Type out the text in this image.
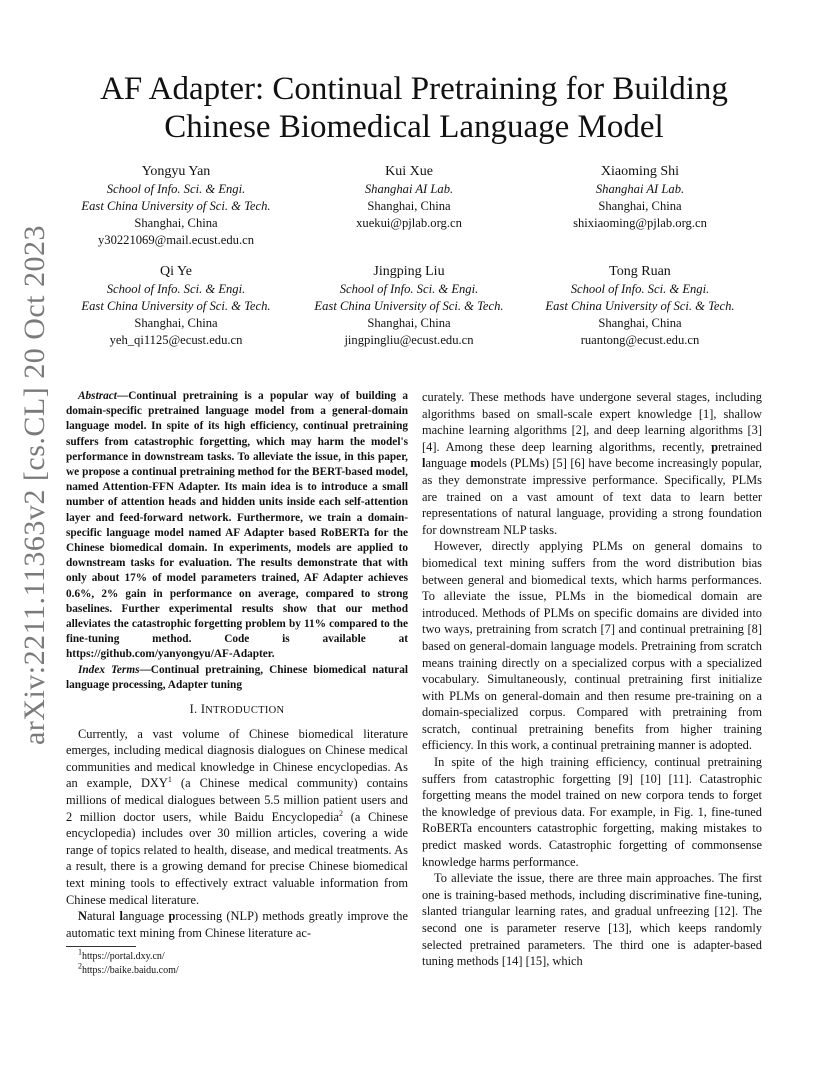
arXiv:2211.11363v2 [cs.CL] 20 Oct 2023
AF Adapter: Continual Pretraining for Building
Chinese Biomedical Language Model
Yongyu Yan
School of Info. Sci. & Engi.
East China University of Sci. & Tech.
Shanghai, China
y30221069@mail.ecust.edu.cn
Kui Xue
Shanghai AI Lab.
Shanghai, China
xuekui@pjlab.org.cn
Xiaoming Shi
Shanghai AI Lab.
Shanghai, China
shixiaoming@pjlab.org.cn
Qi Ye
School of Info. Sci. & Engi.
East China University of Sci. & Tech.
Shanghai, China
yeh_qi1125@ecust.edu.cn
Jingping Liu
School of Info. Sci. & Engi.
East China University of Sci. & Tech.
Shanghai, China
jingpingliu@ecust.edu.cn
Tong Ruan
School of Info. Sci. & Engi.
East China University of Sci. & Tech.
Shanghai, China
ruantong@ecust.edu.cn

Abstract—Continual pretraining is a popular way of building a domain-specific pretrained language model from a general-domain language model. In spite of its high efficiency, continual pretraining suffers from catastrophic forgetting, which may harm the model's performance in downstream tasks. To alleviate the issue, in this paper, we propose a continual pretraining method for the BERT-based model, named Attention-FFN Adapter. Its main idea is to introduce a small number of attention heads and hidden units inside each self-attention layer and feed-forward network. Furthermore, we train a domain-specific language model named AF Adapter based RoBERTa for the Chinese biomedical domain. In experiments, models are applied to downstream tasks for evaluation. The results demonstrate that with only about 17% of model parameters trained, AF Adapter achieves 0.6%, 2% gain in performance on average, compared to strong baselines. Further experimental results show that our method alleviates the catastrophic forgetting problem by 11% compared to the fine-tuning method. Code is available at https://github.com/yanyongyu/AF-Adapter.

Index Terms—Continual pretraining, Chinese biomedical natural language processing, Adapter tuning

I. INTRODUCTION

Currently, a vast volume of Chinese biomedical literature emerges, including medical diagnosis dialogues on Chinese medical communities and medical knowledge in Chinese encyclopedias. As an example, DXY$^1$ (a Chinese medical community) contains millions of medical dialogues between 5.5 million patient users and 2 million doctor users, while Baidu Encyclopedia$^2$ (a Chinese encyclopedia) includes over 30 million articles, covering a wide range of topics related to health, disease, and medical treatments. As a result, there is a growing demand for precise Chinese biomedical text mining tools to effectively extract valuable information from Chinese medical literature.

Natural language processing (NLP) methods greatly improve the automatic text mining from Chinese literature ac-

$^1$https://portal.dxy.cn/
$^2$https://baike.baidu.com/

curately. These methods have undergone several stages, including algorithms based on small-scale expert knowledge [1], shallow machine learning algorithms [2], and deep learning algorithms [3] [4]. Among these deep learning algorithms, recently, pretrained language models (PLMs) [5] [6] have become increasingly popular, as they demonstrate impressive performance. Specifically, PLMs are trained on a vast amount of text data to learn better representations of natural language, providing a strong foundation for downstream NLP tasks.

However, directly applying PLMs on general domains to biomedical text mining suffers from the word distribution bias between general and biomedical texts, which harms performances. To alleviate the issue, PLMs in the biomedical domain are introduced. Methods of PLMs on specific domains are divided into two ways, pretraining from scratch [7] and continual pretraining [8] based on general-domain language models. Pretraining from scratch means training directly on a specialized corpus with a specialized vocabulary. Simultaneously, continual pretraining first initialize with PLMs on general-domain and then resume pre-training on a domain-specialized corpus. Compared with pretraining from scratch, continual pretraining benefits from higher training efficiency. In this work, a continual pretraining manner is adopted.

In spite of the high training efficiency, continual pretraining suffers from catastrophic forgetting [9] [10] [11]. Catastrophic forgetting means the model trained on new corpora tends to forget the knowledge of previous data. For example, in Fig. 1, fine-tuned RoBERTa encounters catastrophic forgetting, making mistakes to predict masked words. Catastrophic forgetting of commonsense knowledge harms performance.

To alleviate the issue, there are three main approaches. The first one is training-based methods, including discriminative fine-tuning, slanted triangular learning rates, and gradual unfreezing [12]. The second one is parameter reserve [13], which keeps randomly selected pretrained parameters. The third one is adapter-based tuning methods [14] [15], which
